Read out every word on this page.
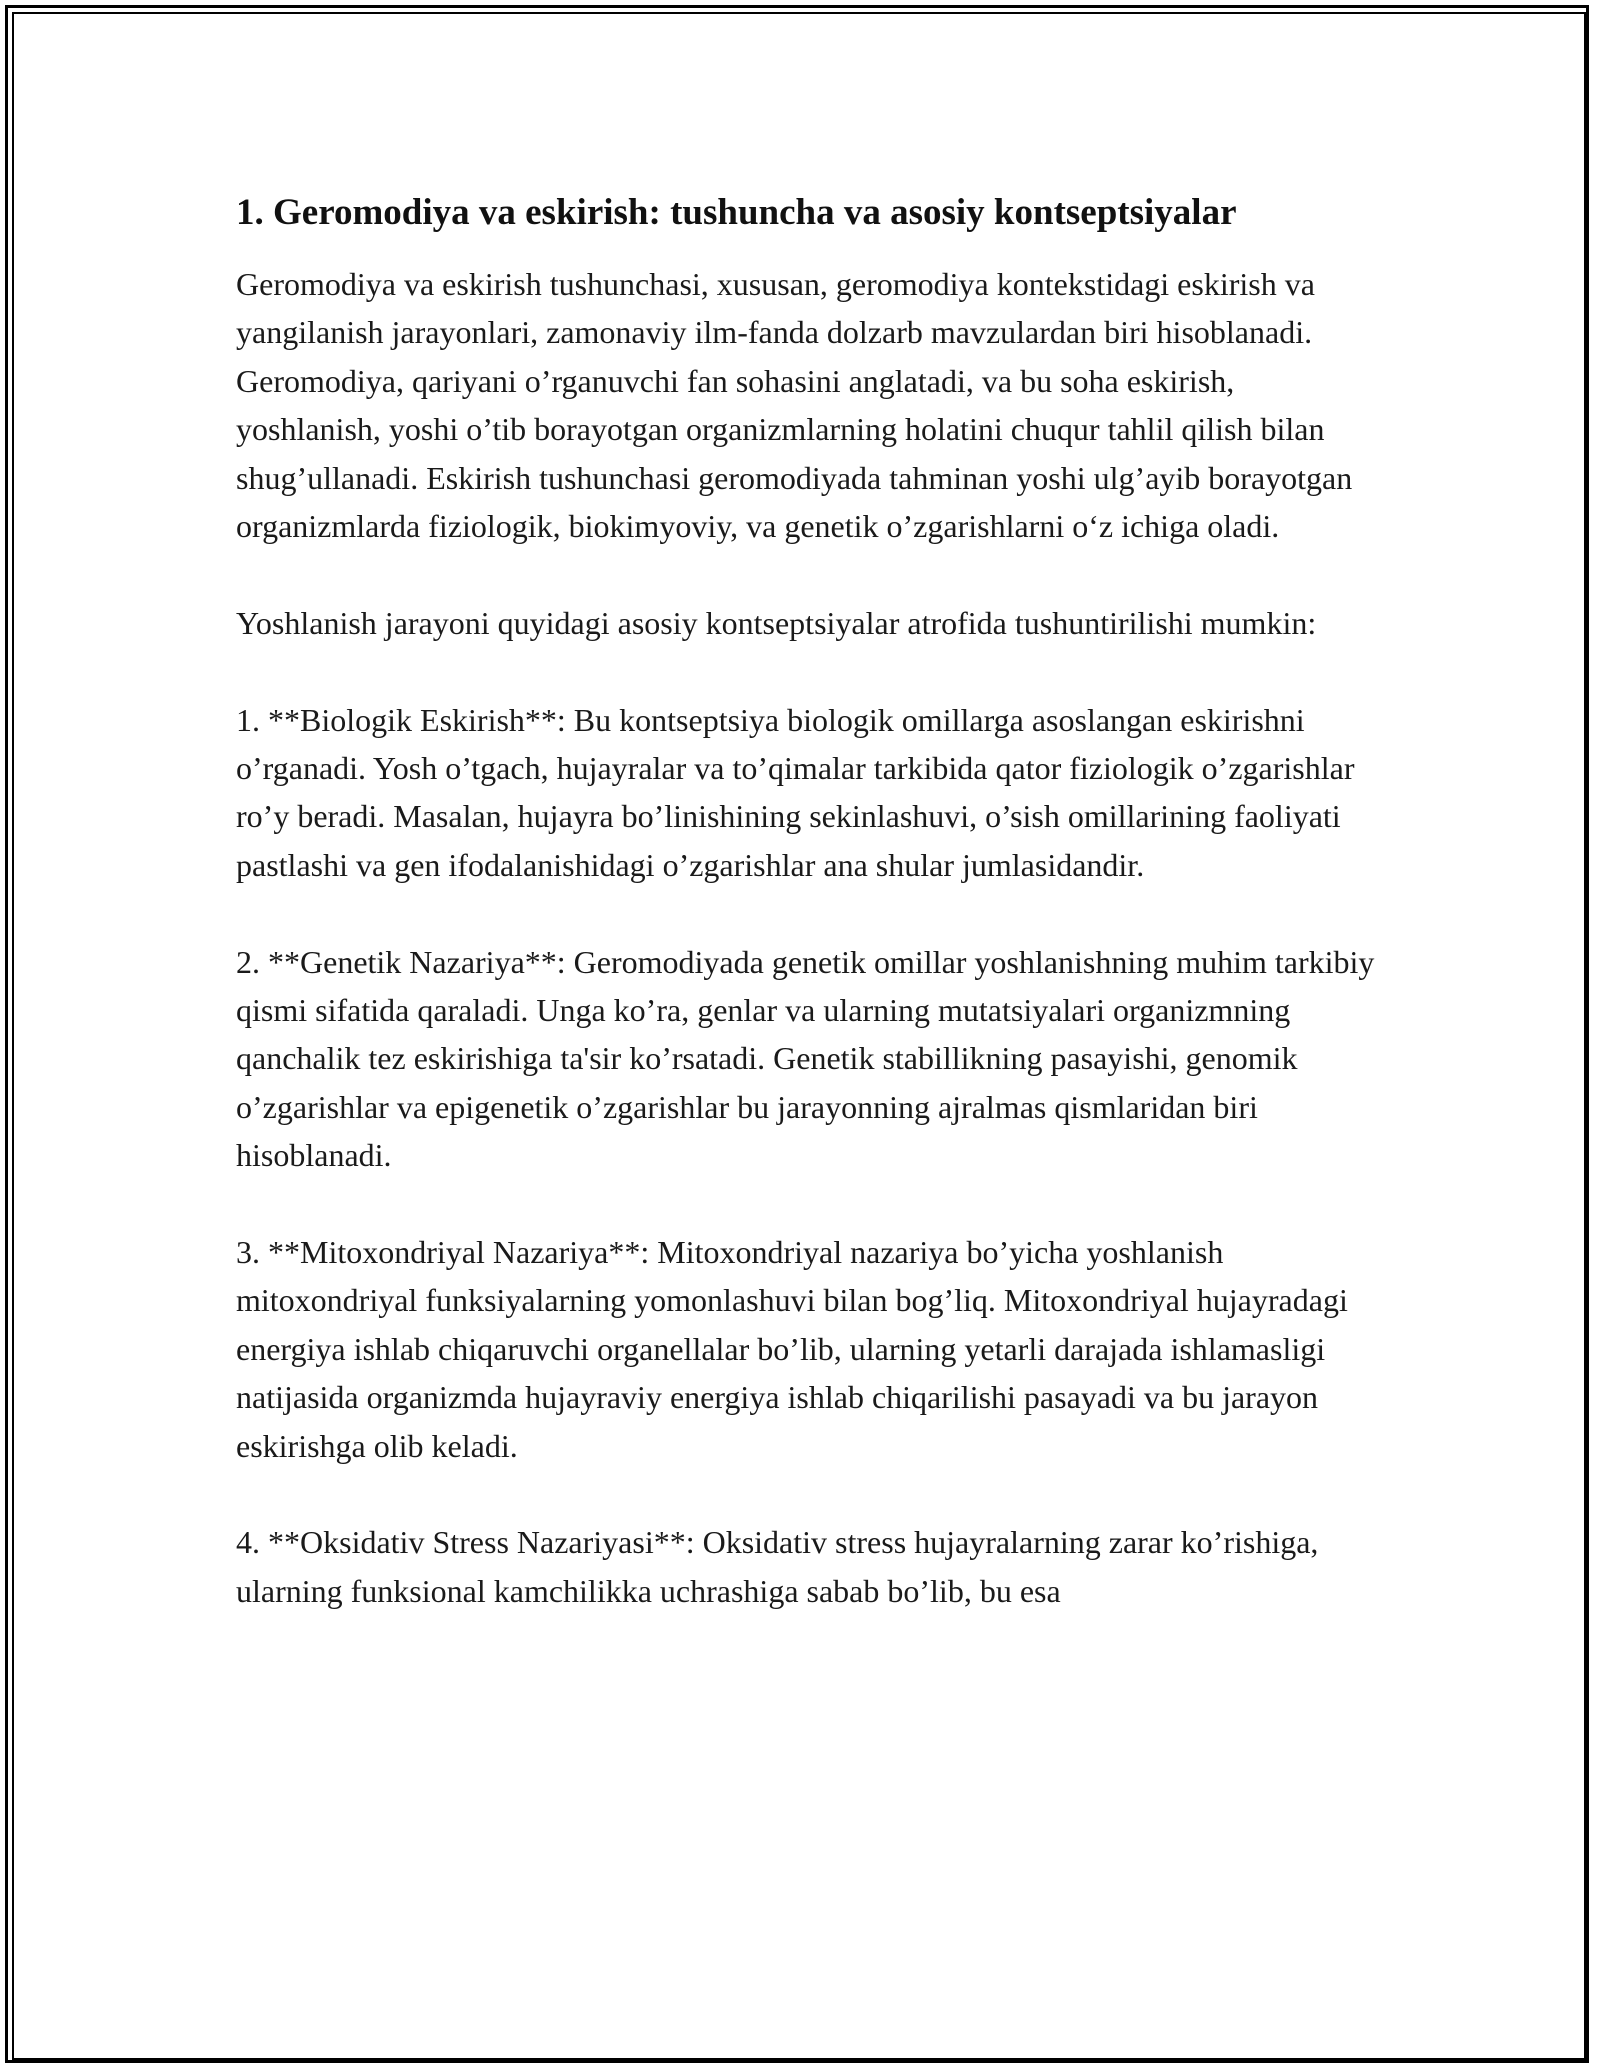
1. Geromodiya va eskirish: tushuncha va asosiy kontseptsiyalar

Geromodiya va eskirish tushunchasi, xususan, geromodiya kontekstidagi eskirish va yangilanish jarayonlari, zamonaviy ilm-fanda dolzarb mavzulardan biri hisoblanadi. Geromodiya, qariyani o’rganuvchi fan sohasini anglatadi, va bu soha eskirish, yoshlanish, yoshi o’tib borayotgan organizmlarning holatini chuqur tahlil qilish bilan shug’ullanadi. Eskirish tushunchasi geromodiyada tahminan yoshi ulg’ayib borayotgan organizmlarda fiziologik, biokimyoviy, va genetik o’zgarishlarni o‘z ichiga oladi.

Yoshlanish jarayoni quyidagi asosiy kontseptsiyalar atrofida tushuntirilishi mumkin:

1. **Biologik Eskirish**: Bu kontseptsiya biologik omillarga asoslangan eskirishni o’rganadi. Yosh o’tgach, hujayralar va to’qimalar tarkibida qator fiziologik o’zgarishlar ro’y beradi. Masalan, hujayra bo’linishining sekinlashuvi, o’sish omillarining faoliyati pastlashi va gen ifodalanishidagi o’zgarishlar ana shular jumlasidandir.

2. **Genetik Nazariya**: Geromodiyada genetik omillar yoshlanishning muhim tarkibiy qismi sifatida qaraladi. Unga ko’ra, genlar va ularning mutatsiyalari organizmning qanchalik tez eskirishiga ta'sir ko’rsatadi. Genetik stabillikning pasayishi, genomik o’zgarishlar va epigenetik o’zgarishlar bu jarayonning ajralmas qismlaridan biri hisoblanadi.

3. **Mitoxondriyal Nazariya**: Mitoxondriyal nazariya bo’yicha yoshlanish mitoxondriyal funksiyalarning yomonlashuvi bilan bog’liq. Mitoxondriyal hujayradagi energiya ishlab chiqaruvchi organellalar bo’lib, ularning yetarli darajada ishlamasligi natijasida organizmda hujayraviy energiya ishlab chiqarilishi pasayadi va bu jarayon eskirishga olib keladi.

4. **Oksidativ Stress Nazariyasi**: Oksidativ stress hujayralarning zarar ko’rishiga, ularning funksional kamchilikka uchrashiga sabab bo’lib, bu esa
